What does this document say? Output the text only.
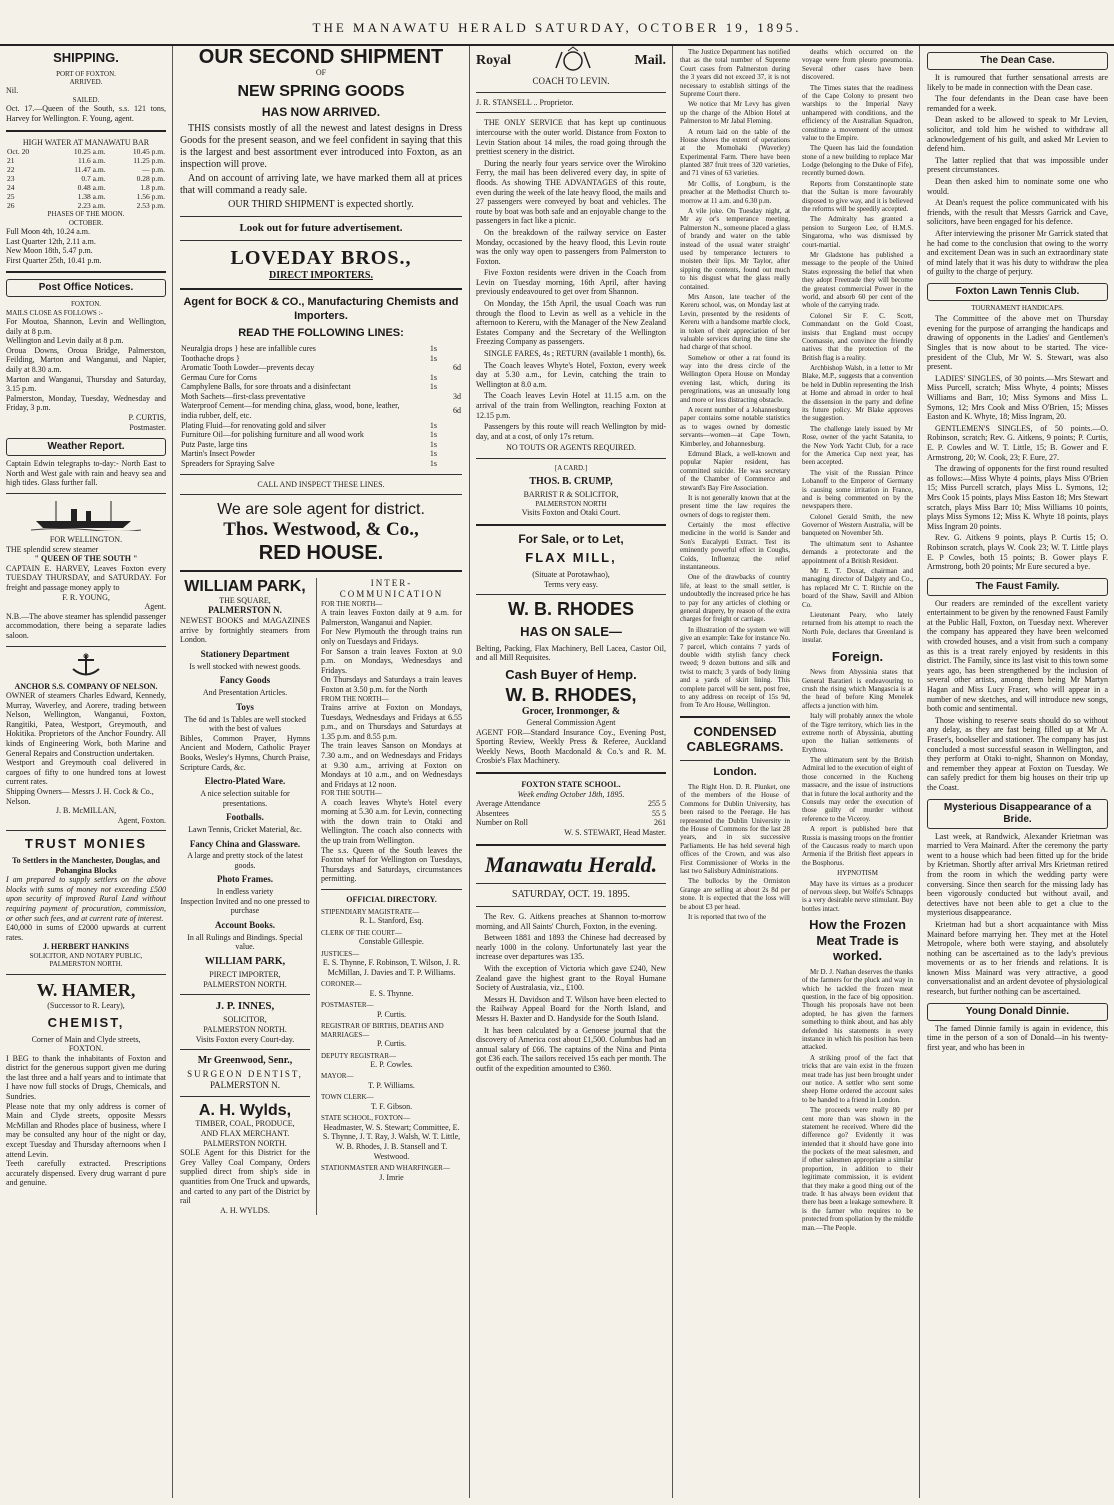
THE MANAWATU HERALD SATURDAY, OCTOBER 19, 1895.
SHIPPING.
PORT OF FOXTON.
ARRIVED.
Nil.
SAILED.
Oct. 17.—Queen of the South, s.s. 121 tons, Harvey for Wellington. F. Young, agent.
HIGH WATER AT MANAWATU BAR
Oct. 20	10.25 a.m.	10.45 p.m.
21	11.6 a.m.	11.25 p.m.
22	11.47 a.m.	— p.m.
23	0.7 a.m.	0.28 p.m.
24	0.48 a.m.	1.8 p.m.
25	1.38 a.m.	1.56 p.m.
26	2.23 a.m.	2.53 p.m.
PHASES OF THE MOON.
OCTOBER.
Full Moon 4th, 10.24 a.m.
Last Quarter 12th, 2.11 a.m.
New Moon 18th, 5.47 p.m.
First Quarter 25th, 10.41 p.m.
Post Office Notices.
FOXTON.
MAILS CLOSE AS FOLLOWS :-
For Moutoa, Shannon, Levin and Wellington, daily at 8 p.m.
Wellington and Levin daily at 8 p.m.
Oroua Downs, Oroua Bridge, Palmerston, Feilding, Marton and Wanganui, and Napier, daily at 8.30 a.m.
Marton and Wanganui, Thursday and Saturday, 3.15 p.m.
Palmerston, Monday, Tuesday, Wednesday and Friday, 3 p.m.
P. CURTIS,
Postmaster.
Weather Report.
Captain Edwin telegraphs to-day:- North East to North and West gale with rain and heavy sea and high tides. Glass further fall.
FOR WELLINGTON.
THE splendid screw steamer
" QUEEN OF THE SOUTH "
CAPTAIN E. HARVEY, Leaves Foxton every TUESDAY THURSDAY, and SATURDAY. For freight and passage money apply to
F. R. YOUNG,
Agent.
N.B.—The above steamer has splendid passenger accommodation, there being a separate ladies saloon.
ANCHOR S.S. COMPANY OF NELSON.
OWNER of steamers Charles Edward, Kennedy, Murray, Waverley, and Aorere, trading between Nelson, Wellington, Wanganui, Foxton, Rangitiki, Patea, Westport, Greymouth, and Hokitika. Proprietors of the Anchor Foundry. All kinds of Engineering Work, both Marine and General Repairs and Construction undertaken.
Westport and Greymouth coal delivered in cargoes of fifty to one hundred tons at lowest current rates.
Shipping Owners— Messrs J. H. Cock & Co., Nelson.
J. B. McMILLAN,
Agent, Foxton.
TRUST MONIES
To Settlers in the Manchester, Douglas, and Pohangina Blocks
I am prepared to supply settlers on the above blocks with sums of money not exceeding £500 upon security of improved Rural Land without requiring payment of procuration, commission, or other such fees, and at current rate of interest.
£40,000 in sums of £2000 upwards at current rates.
J. HERBERT HANKINS
SOLICITOR, AND NOTARY PUBLIC,
PALMERSTON NORTH.
W. HAMER,
(Successor to R. Leary),
CHEMIST,
Corner of Main and Clyde streets,
FOXTON.
I BEG to thank the inhabitants of Foxton and district for the generous support given me during the last three and a half years and to intimate that I have now full stocks of Drugs, Chemicals, and Sundries.
Please note that my only address is corner of Main and Clyde streets, opposite Messrs McMillan and Rhodes place of business, where I may be consulted any hour of the night or day, except Tuesday and Thursday afternoons when I attend Levin.
Teeth carefully extracted. Prescriptions accurately dispensed. Every drug warrant d pure and genuine.
OUR SECOND SHIPMENT
OF
NEW SPRING GOODS
HAS NOW ARRIVED.
THIS consists mostly of all the newest and latest designs in Dress Goods for the present season, and we feel confident in saying that this is the largest and best assortment ever introduced into Foxton, as an inspection will prove.
And on account of arriving late, we have marked them all at prices that will command a ready sale.
OUR THIRD SHIPMENT is expected shortly.
Look out for future advertisement.
LOVEDAY BROS.,
DIRECT IMPORTERS.
Agent for BOCK & CO., Manufacturing Chemists and Importers.
READ THE FOLLOWING LINES:
Neuralgia drops } hese are infallible cures	1s	
Toothache drops }	1s	
Aromatic Tooth Lowder—prevents decay		6d
Germau Cure for Corns	1s	
Camphylene Balls, for sore throats and a disinfectant	1s	
Moth Sachets—first-class preventative		3d
Waterproof Cement—for mending china, glass, wood, bone, leather, india rubber, delf, etc.		6d
Plating Fluid—for renovating gold and silver	1s	
Furniture Oil—for polishing furniture and all wood work	1s	
Putz Paste, large tins	1s	
Martin's Insect Powder	1s	
Spreaders for Spraying Salve	1s	
CALL AND INSPECT THESE LINES.
We are sole agent for district.
Thos. Westwood, & Co.,
RED HOUSE.
WILLIAM PARK,
THE SQUARE,
PALMERSTON N.
NEWEST BOOKS and MAGAZINES arrive by fortnightly steamers from London.
Stationery Department
Is well stocked with newest goods.
Fancy Goods
And Presentation Articles.
Toys
The 6d and 1s Tables are well stocked with the best of values
Bibles, Common Prayer, Hymns Ancient and Modern, Catholic Prayer Books, Wesley's Hymns, Church Praise, Scripture Cards, &c.
Electro-Plated Ware.
A nice selection suitable for presentations.
Footballs.
Lawn Tennis, Cricket Material, &c.
Fancy China and Glassware.
A large and pretty stock of the latest goods.
Photo Frames.
In endless variety
Inspection Invited and no one pressed to purchase
Account Books.
In all Rulings and Bindings. Special value.
WILLIAM PARK,
PIRECT IMPORTER,
PALMERSTON NORTH.
J. P. INNES,
SOLICITOR,
PALMERSTON NORTH.
Visits Foxton every Court-day.
Mr Greenwood, Senr.,
SURGEON DENTIST,
PALMERSTON N.
A. H. Wylds,
TIMBER, COAL, PRODUCE,
AND FLAX MERCHANT.
PALMERSTON NORTH.
SOLE Agent for this District for the Grey Valley Coal Company, Orders supplied direct from ship's side in quantities from One Truck and upwards, and carted to any part of the District by rail
A. H. WYLDS.
INTER-COMMUNICATION
FOR THE NORTH—
A train leaves Foxton daily at 9 a.m. for Palmerston, Wanganui and Napier.
For New Plymouth the through trains run only on Tuesdays and Fridays.
For Sanson a train leaves Foxton at 9.0 p.m. on Mondays, Wednesdays and Fridays.
On Thursdays and Saturdays a train leaves Foxton at 3.50 p.m. for the North
FROM THE NORTH—
Trains arrive at Foxton on Mondays, Tuesdays, Wednesdays and Fridays at 6.55 p.m., and on Thursdays and Saturdays at 1.35 p.m. and 8.55 p.m.
The train leaves Sanson on Mondays at 7.30 a.m., and on Wednesdays and Fridays at 9.30 a.m., arriving at Foxton on Mondays at 10 a.m., and on Wednesdays and Fridays at 12 noon.
FOR THE SOUTH—
A coach leaves Whyte's Hotel every morning at 5.30 a.m. for Levin, connecting with the down train to Otaki and Wellington. The coach also connects with the up train from Wellington.
The s.s. Queen of the South leaves the Foxton wharf for Wellington on Tuesdays, Thursdays and Saturdays, circumstances permitting.
OFFICIAL DIRECTORY.
STIPENDIARY MAGISTRATE—
R. L. Stanford, Esq.
CLERK OF THE COURT—
Constable Gillespie.
JUSTICES—
E. S. Thynne, F. Robinson, T. Wilson, J. R. McMillan, J. Davies and T. P. Williams.
CORONER—
E. S. Thynne.
POSTMASTER—
P. Curtis.
REGISTRAR OF BIRTHS, DEATHS AND MARRIAGES—
P. Curtis.
DEPUTY REGISTRAR—
E. P. Cowles.
MAYOR—
T. P. Williams.
TOWN CLERK—
T. F. Gibson.
STATE SCHOOL, FOXTON—
Headmaster, W. S. Stewart; Committee, E. S. Thynne, J. T. Ray, J. Walsh, W. T. Little, W. B. Rhodes, J. B. Stansell and T. Westwood.
STATIONMASTER AND WHARFINGER—
J. Imrie
Royal	Mail.
COACH TO LEVIN.
J. R. STANSELL .. Proprietor.
THE ONLY SERVICE that has kept up continuous intercourse with the outer world. Distance from Foxton to Levin Station about 14 miles, the road going through the prettiest scenery in the district.
During the nearly four years service over the Wirokino Ferry, the mail has been delivered every day, in spite of floods. As showing THE ADVANTAGES of this route, even during the week of the late heavy flood, the mails and 27 passengers were conveyed by boat and vehicles. The route by boat was both safe and an enjoyable change to the passengers in fact like a picnic.
On the breakdown of the railway service on Easter Monday, occasioned by the heavy flood, this Levin route was the only way open to passengers from Palmerston to Foxton.
Five Foxton residents were driven in the Coach from Levin on Tuesday morning, 16th April, after having previously endeavoured to get over from Shannon.
On Monday, the 15th April, the usual Coach was run through the flood to Levin as well as a vehicle in the afternoon to Kereru, with the Manager of the New Zealand Estates Company and the Secretary of the Wellington Freezing Company as passengers.
SINGLE FARES, 4s ; RETURN (available 1 month), 6s.
The Coach leaves Whyte's Hotel, Foxton, every week day at 5.30 a.m., for Levin, catching the train to Wellington at 8.0 a.m.
The Coach leaves Levin Hotel at 11.15 a.m. on the arrival of the train from Wellington, reaching Foxton at 12.15 p.m.
Passengers by this route will reach Wellington by mid-day, and at a cost, of only 17s return.
NO TOUTS OR AGENTS REQUIRED.
[A CARD.]
THOS. B. CRUMP,
BARRIST R & SOLICITOR,
PALMERSTON NORTH
Visits Foxton and Otaki Court.
For Sale, or to Let,
FLAX MILL,
(Situate at Porotawhao),
Terms very easy.
W. B. RHODES
HAS ON SALE—
Belting, Packing, Flax Machinery, Bell Lacea, Castor Oil, and all Mill Requisites.
Cash Buyer of Hemp.
W. B. RHODES,
Grocer, Ironmonger, &
General Commission Agent
AGENT FOR—Standard Insurance Coy., Evening Post, Sporting Review, Weekly Press & Referee, Auckland Weekly News, Booth Macdonald & Co.'s and R. M. Crosbie's Flax Machinery.
FOXTON STATE SCHOOL.
Week ending October 18th, 1895.
Average Attendance	255 5
Absentees	55 5
Number on Roll	261
W. S. STEWART, Head Master.
Manawatu Herald.
SATURDAY, OCT. 19. 1895.
The Rev. G. Aitkens preaches at Shannon to-morrow morning, and All Saints' Church, Foxton, in the evening.
Between 1881 and 1893 the Chinese had decreased by nearly 1000 in the colony. Unfortunately last year the increase over departures was 135.
With the exception of Victoria which gave £240, New Zealand gave the highest grant to the Royal Humane Society of Australasia, viz., £100.
Messrs H. Davidson and T. Wilson have been elected to the Railway Appeal Board for the North Island, and Messrs H. Baxter and D. Handyside for the South Island.
It has been calculated by a Genoese journal that the discovery of America cost about £1,500. Columbus had an annual salary of £66. The captains of the Nina and Pinta got £36 each. The sailors received 15s each per month. The outfit of the expedition amounted to £360.
The Justice Department has notified that as the total number of Supreme Court cases from Palmerston during the 3 years did not exceed 37, it is not necessary to establish sittings of the Supreme Court there.
We notice that Mr Levy has given up the charge of the Albion Hotel at Palmerston to Mr Jabal Fleming.
A return laid on the table of the House shows the extent of operations at the Momohaki (Waverley) Experimental Farm. There have been planted 387 fruit trees of 320 varieties, and 71 vines of 63 varieties.
Mr Collis, of Longburn, is the preacher at the Methodist Church to-morrow at 11 a.m. and 6.30 p.m.
A vile joke. On Tuesday night, at Mr ay or's temperance meeting, Palmerston N., someone placed a glass of brandy and water on the table instead of the usual water straight' used by temperance lecturers to moisten their lips. Mr Taylor, after sipping the contents, found out much to his disgust what the glass really contained.
Mrs Anson, late teacher of the Kereru school, was, on Monday last at Levin, presented by the residents of Kereru with a handsome marble clock, in token of their appreciation of her valuable services during the time she had charge of that school.
Somehow or other a rat found its way into the dress circle of the Wellington Opera House on Monday evening last, which, during its peregrinations, was an unusually long and more or less distracting obstacle.
A recent number of a Johannesburg paper contains some notable statistics as to wages owned by domestic servants—women—at Cape Town, Kimberley, and Johannesburg.
Edmund Black, a well-known and popular Napier resident, has committed suicide. He was secretary of the Chamber of Commerce and steward's Bay Fire Association.
It is not generally known that at the present time the law requires the owners of dogs to register them.
Certainly the most effective medicine in the world is Sander and Son's Eucalypti Extract. Test its eminently powerful effect in Coughs, Colds, Influenza; the relief instantaneous.
One of the drawbacks of country life, at least to the small settler, is undoubtedly the increased price he has to pay for any articles of clothing or general drapery, by reason of the extra charges for freight or carriage.
In illustration of the system we will give an example: Take for instance No. 7 parcel, which contains 7 yards of double width stylish fancy check tweed; 9 dozen buttons and silk and twist to match; 3 yards of body lining and a yards of skirt lining. This complete parcel will be sent, post free, to any address on receipt of 15s 9d, from Te Aro House, Wellington.
CONDENSED CABLEGRAMS.
London.
The Right Hon. D. R. Plunket, one of the members of the House of Commons for Dublin University, has been raised to the Peerage. He has represented the Dublin University in the House of Commons for the last 28 years, and in six successive Parliaments. He has held several high offices of the Crown, and was also First Commissioner of Works in the last two Salisbury Administrations.
The bullocks by the Ormiston Grange are selling at about 2s 8d per stone. It is expected that the loss will be about £3 per head.
It is reported that two of the
deaths which occurred on the voyage were from pleuro pneumonia. Several other cases have been discovered.
The Times states that the readiness of the Cape Colony to present two warships to the Imperial Navy unhampered with conditions, and the efficiency of the Australian Squadron, constitute a movement of the utmost value to the Empire.
The Queen has laid the foundation stone of a new building to replace Mar Lodge (belonging to the Duke of Fife), recently burned down.
Reports from Constantinople state that the Sultan is more favourably disposed to give way, and it is believed the reforms will be speedily accepted.
The Admiralty has granted a pension to Surgeon Lee, of H.M.S. Singaroma, who was dismissed by court-martial.
Mr Gladstone has published a message to the people of the United States expressing the belief that when they adopt Freetrade they will become the greatest commercial Power in the world, and absorb 60 per cent of the whole of the carrying trade.
Colonel Sir F. C. Scott, Commandant on the Gold Coast, insists that England must occupy Coomassie, and convince the friendly natives that the protection of the British flag is a reality.
Archbishop Walsh, in a letter to Mr Blake, M.P., suggests that a convention be held in Dublin representing the Irish at Home and abroad in order to heal the dissension in the party and define its future policy. Mr Blake approves the suggestion.
The challenge lately issued by Mr Rose, owner of the yacht Satanita, to the New York Yacht Club, for a race for the America Cup next year, has been accepted.
The visit of the Russian Prince Lobanoff to the Emperor of Germany is causing some irritation in France, and is being commented on by the newspapers there.
Colonel Gerald Smith, the new Governor of Western Australia, will be banqueted on November 5th.
The ultimatum sent to Ashantee demands a protectorate and the appointment of a British Resident.
Mr E. T. Doxat, chairman and managing director of Dalgety and Co., has replaced Mr C. T. Ritchie on the board of the Shaw, Savill and Albion Co.
Lieutenant Peary, who lately returned from his attempt to reach the North Pole, declares that Greenland is insular.
Foreign.
News from Abyssinia states that General Baratieri is endeavouring to crush the rising which Mangascia is at the head of before King Menelek affects a junction with him.
Italy will probably annex the whole of the Tigre territory, which lies in the extreme north of Abyssinia, abutting upon the Italian settlements of Erythrea.
The ultimatum sent by the British Admiral led to the execution of eight of those concerned in the Kucheng massacre, and the issue of instructions that in future the local authority and the Consuls may order the execution of those guilty of murder without reference to the Viceroy.
A report is published here that Russia is massing troops on the frontier of the Caucasus ready to march upon Armenia if the British fleet appears in the Bosphorus.
HYPNOTISM
May have its virtues as a producer of nervous sleep, but Wolfe's Schnapps is a very desirable nerve stimulant. Buy bottles intact.
How the Frozen Meat Trade is worked.
Mr D. J. Nathan deserves the thanks of the farmers for the pluck and way in which he tackled the frozen meat question, in the face of big opposition. Though his proposals have not been adopted, he has given the farmers something to think about, and has ably defended his statements in every instance in which his position has been attacked.
A striking proof of the fact that tricks that are vain exist in the frozen meat trade has just been brought under our notice. A settler who sent some sheep Home ordered the account sales to be handed to a friend in London.
The proceeds were really 80 per cent more than was shown in the statement he received. Where did the difference go? Evidently it was intended that it should have gone into the pockets of the meat salesmen, and if other salesmen appropriate a similar proportion, in addition to their legitimate commission, it is evident that they make a good thing out of the trade. It has always been evident that there has been a leakage somewhere. It is the farmer who requires to be protected from spoliation by the middle man.—The People.
The Dean Case.
It is rumoured that further sensational arrests are likely to be made in connection with the Dean case.
The four defendants in the Dean case have been remanded for a week.
Dean asked to be allowed to speak to Mr Levien, solicitor, and told him he wished to withdraw all acknowledgement of his guilt, and asked Mr Levien to defend him.
The latter replied that that was impossible under present circumstances.
Dean then asked him to nominate some one who would.
At Dean's request the police communicated with his friends, with the result that Messrs Garrick and Cave, solicitors, have been engaged for his defence.
After interviewing the prisoner Mr Garrick stated that he had come to the conclusion that owing to the worry and excitement Dean was in such an extraordinary state of mind lately that it was his duty to withdraw the plea of guilty to the charge of perjury.
Foxton Lawn Tennis Club.
TOURNAMENT HANDICAPS.
The Committee of the above met on Thursday evening for the purpose of arranging the handicaps and drawing of opponents in the Ladies' and Gentlemen's Singles that is now about to be started. The vice-president of the Club, Mr W. S. Stewart, was also present.
LADIES' SINGLES, of 30 points.—Mrs Stewart and Miss Purcell, scratch; Miss Whyte, 4 points; Misses Williams and Barr, 10; Miss Symons and Miss L. Symons, 12; Mrs Cook and Miss O'Brien, 15; Misses Easton and K. Whyte, 18; Miss Ingram, 20.
GENTLEMEN'S SINGLES, of 50 points.—O. Robinson, scratch; Rev. G. Aitkens, 9 points; P. Curtis, E. P. Cowles and W. T. Little, 15; B. Gower and F. Armstrong, 20; W. Cook, 23; F. Eure, 27.
The drawing of opponents for the first round resulted as follows:—Miss Whyte 4 points, plays Miss O'Brien 15; Miss Purcell scratch, plays Miss L. Symons, 12; Mrs Cook 15 points, plays Miss Easton 18; Mrs Stewart scratch, plays Miss Barr 10; Miss Williams 10 points, plays Miss Symons 12; Miss K. Whyte 18 points, plays Miss Ingram 20 points.
Rev. G. Aitkens 9 points, plays P. Curtis 15; O. Robinson scratch, plays W. Cook 23; W. T. Little plays E. P Cowles, both 15 points; B. Gower plays F. Armstrong, both 20 points; Mr Eure secured a bye.
The Faust Family.
Our readers are reminded of the excellent variety entertainment to be given by the renowned Faust Family at the Public Hall, Foxton, on Tuesday next. Wherever the company has appeared they have been welcomed with crowded houses, and a visit from such a company as this is a treat rarely enjoyed by residents in this district. The Family, since its last visit to this town some years ago, has been strengthened by the inclusion of several other artists, among them being Mr Martyn Hagan and Miss Lucy Fraser, who will appear in a number of new sketches, and will introduce new songs, both comic and sentimental.
Those wishing to reserve seats should do so without any delay, as they are fast being filled up at Mr A. Fraser's, bookseller and stationer. The company has just concluded a most successful season in Wellington, and they perform at Otaki to-night, Shannon on Monday, and remember they appear at Foxton on Tuesday. We can safely predict for them big houses on their trip up the Coast.
Mysterious Disappearance of a Bride.
Last week, at Randwick, Alexander Krietman was married to Vera Mainard. After the ceremony the party went to a house which had been fitted up for the bride by Krietman. Shortly after arrival Mrs Krietman retired from the room in which the wedding party were conversing. Since then search for the missing lady has been vigorously conducted but without avail, and detectives have not been able to get a clue to the mysterious disappearance.
Krietman had but a short acquaintance with Miss Mainard before marrying her. They met at the Hotel Metropole, where both were staying, and absolutely nothing can be ascertained as to the lady's previous movements or as to her friends and relations. It is known Miss Mainard was very attractive, a good conversationalist and an ardent devotee of physiological research, but further nothing can be ascertained.
Young Donald Dinnie.
The famed Dinnie family is again in evidence, this time in the person of a son of Donald—in his twenty-first year, and who has been in
